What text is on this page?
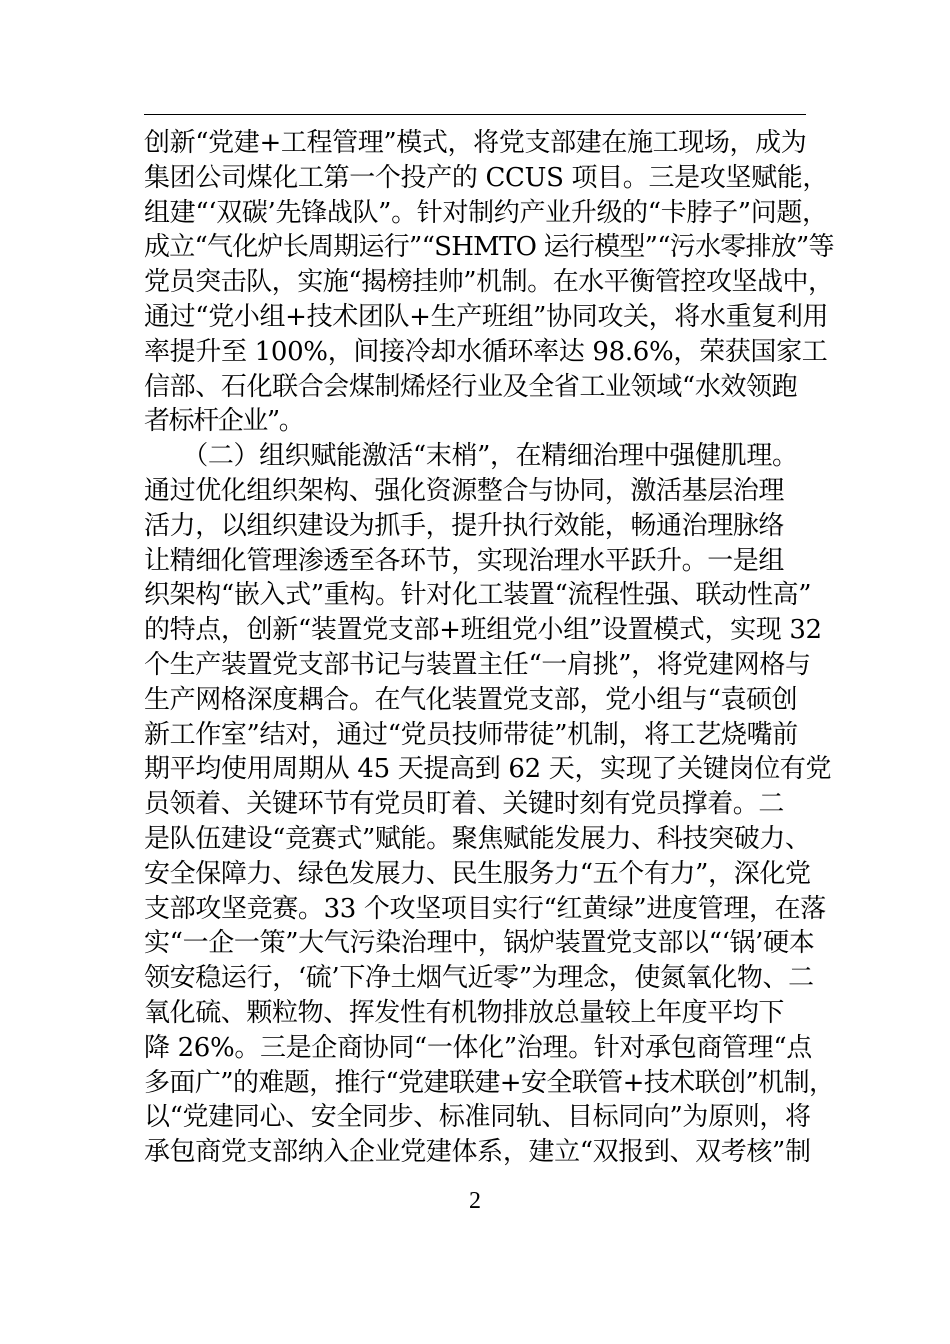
创新“党建+工程管理”模式，将党支部建在施工现场，成为
集团公司煤化工第一个投产的 CCUS 项目。三是攻坚赋能，
组建“‘双碳’先锋战队”。针对制约产业升级的“卡脖子”问题，
成立“气化炉长周期运行”“SHMTO 运行模型”“污水零排放”等
党员突击队，实施“揭榜挂帅”机制。在水平衡管控攻坚战中，
通过“党小组+技术团队+生产班组”协同攻关，将水重复利用
率提升至 100%，间接冷却水循环率达 98.6%，荣获国家工
信部、石化联合会煤制烯烃行业及全省工业领域“水效领跑
者标杆企业”。
　　（二）组织赋能激活“末梢”，在精细治理中强健肌理。
通过优化组织架构、强化资源整合与协同，激活基层治理
活力，以组织建设为抓手，提升执行效能，畅通治理脉络
让精细化管理渗透至各环节，实现治理水平跃升。一是组
织架构“嵌入式”重构。针对化工装置“流程性强、联动性高”
的特点，创新“装置党支部+班组党小组”设置模式，实现 32
个生产装置党支部书记与装置主任“一肩挑”，将党建网格与
生产网格深度耦合。在气化装置党支部，党小组与“袁硕创
新工作室”结对，通过“党员技师带徒”机制，将工艺烧嘴前
期平均使用周期从 45 天提高到 62 天，实现了关键岗位有党
员领着、关键环节有党员盯着、关键时刻有党员撑着。二
是队伍建设“竞赛式”赋能。聚焦赋能发展力、科技突破力、
安全保障力、绿色发展力、民生服务力“五个有力”，深化党
支部攻坚竞赛。33 个攻坚项目实行“红黄绿”进度管理，在落
实“一企一策”大气污染治理中，锅炉装置党支部以“‘锅’硬本
领安稳运行，‘硫’下净土烟气近零”为理念，使氮氧化物、二
氧化硫、颗粒物、挥发性有机物排放总量较上年度平均下
降 26%。三是企商协同“一体化”治理。针对承包商管理“点
多面广”的难题，推行“党建联建+安全联管+技术联创”机制，
以“党建同心、安全同步、标准同轨、目标同向”为原则，将
承包商党支部纳入企业党建体系，建立“双报到、双考核”制
2
